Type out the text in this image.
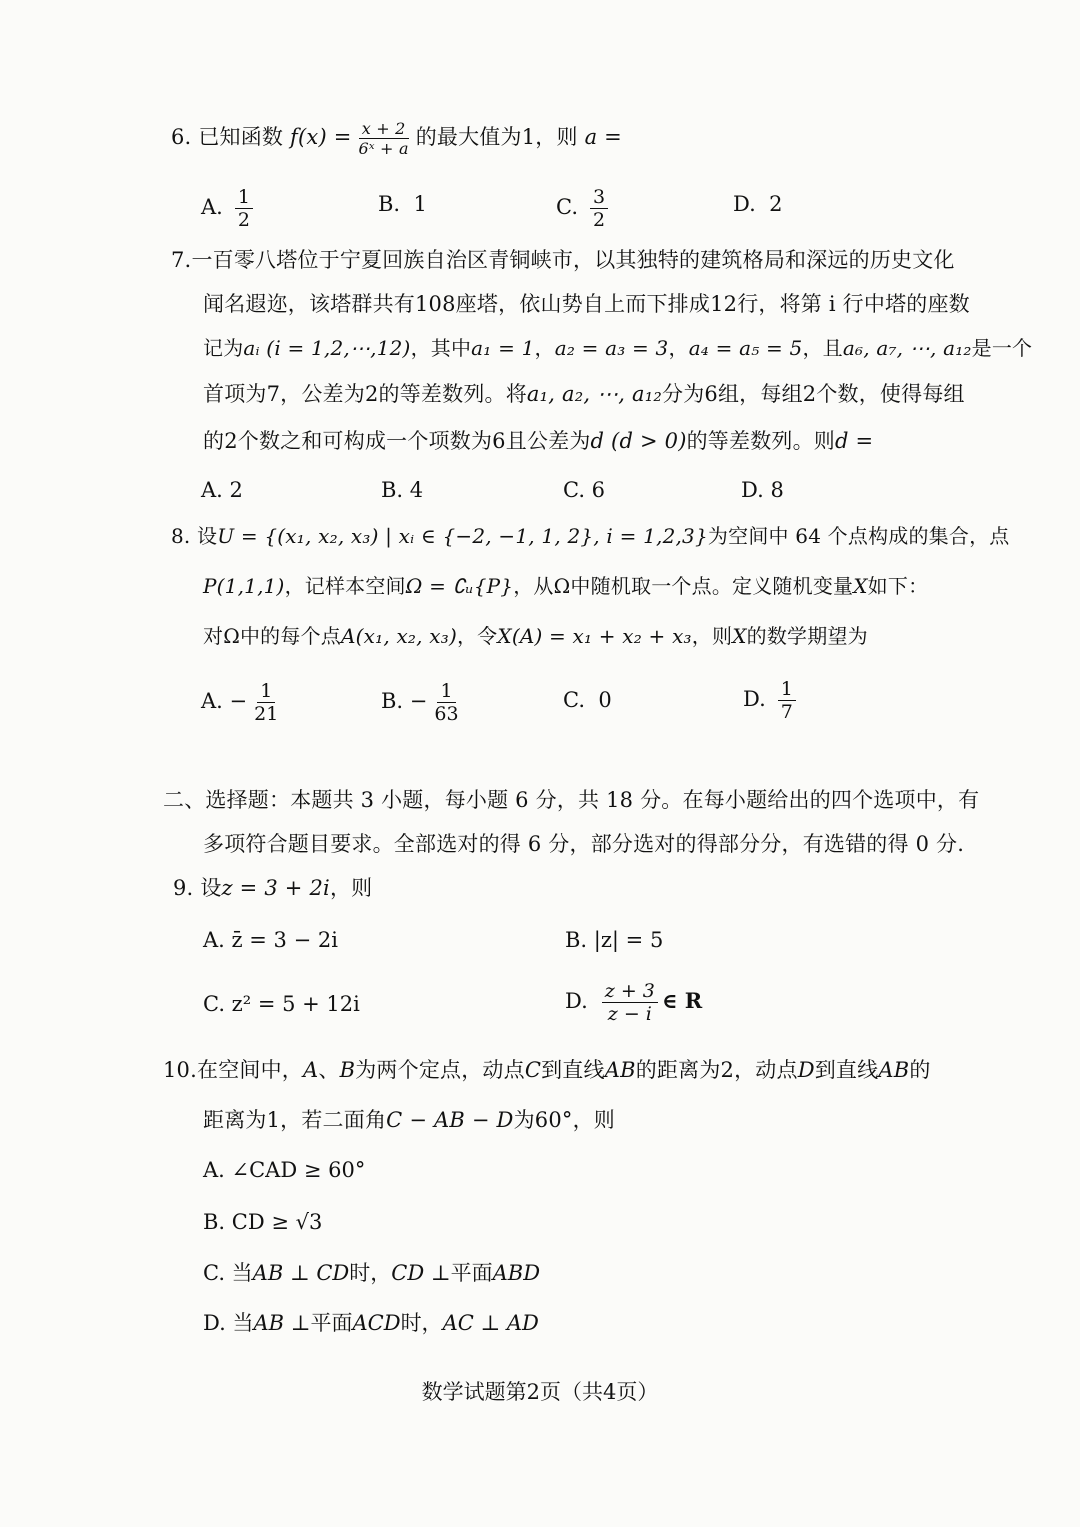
6. 已知函数 $f(x) = \frac{x + 2}{\text{6ˣ + a}}$ 的最大值为1，则 a =
A. $\frac{1}{2}$	B. 1	C. $\frac{3}{2}$	D. 2
7.一百零八塔位于宁夏回族自治区青铜峡市，以其独特的建筑格局和深远的历史文化
闻名遐迩，该塔群共有108座塔，依山势自上而下排成12行，将第 i 行中塔的座数
记为aᵢ (i = 1,2,⋯,12)，其中a₁ = 1，a₂ = a₃ = 3，a₄ = a₅ = 5，且a₆, a₇, ⋯, a₁₂是一个
首项为7，公差为2的等差数列。将a₁, a₂, ⋯, a₁₂分为6组，每组2个数，使得每组
的2个数之和可构成一个项数为6且公差为d (d > 0)的等差数列。则d =
A. 2	B. 4	C. 6	D. 8
8. 设U = {(x₁, x₂, x₃) | xᵢ ∈ {−2, −1, 1, 2}, i = 1,2,3}为空间中 64 个点构成的集合，点
P(1,1,1)，记样本空间Ω = ∁ᵤ{P}，从Ω中随机取一个点。定义随机变量X如下：
对Ω中的每个点A(x₁, x₂, x₃)，令X(A) = x₁ + x₂ + x₃，则X的数学期望为
A. − $\frac{1}{21}$	B. − $\frac{1}{63}$	C. 0	D. $\frac{1}{7}$
二、选择题：本题共 3 小题，每小题 6 分，共 18 分。在每小题给出的四个选项中，有
多项符合题目要求。全部选对的得 6 分，部分选对的得部分分，有选错的得 0 分.
9. 设z = 3 + 2i，则
A. z̄ = 3 − 2i	B. |z| = 5
C. z² = 5 + 12i	D. $\frac{z + 3}{z - i}$ ∈ R
10.在空间中，A、B为两个定点，动点C到直线AB的距离为2，动点D到直线AB的
距离为1，若二面角C − AB − D为60°，则
A. ∠CAD ≥ 60°
B. CD ≥ √3
C. 当AB ⊥ CD时，CD ⊥平面ABD
D. 当AB ⊥平面ACD时，AC ⊥ AD
数学试题第2页（共4页）
